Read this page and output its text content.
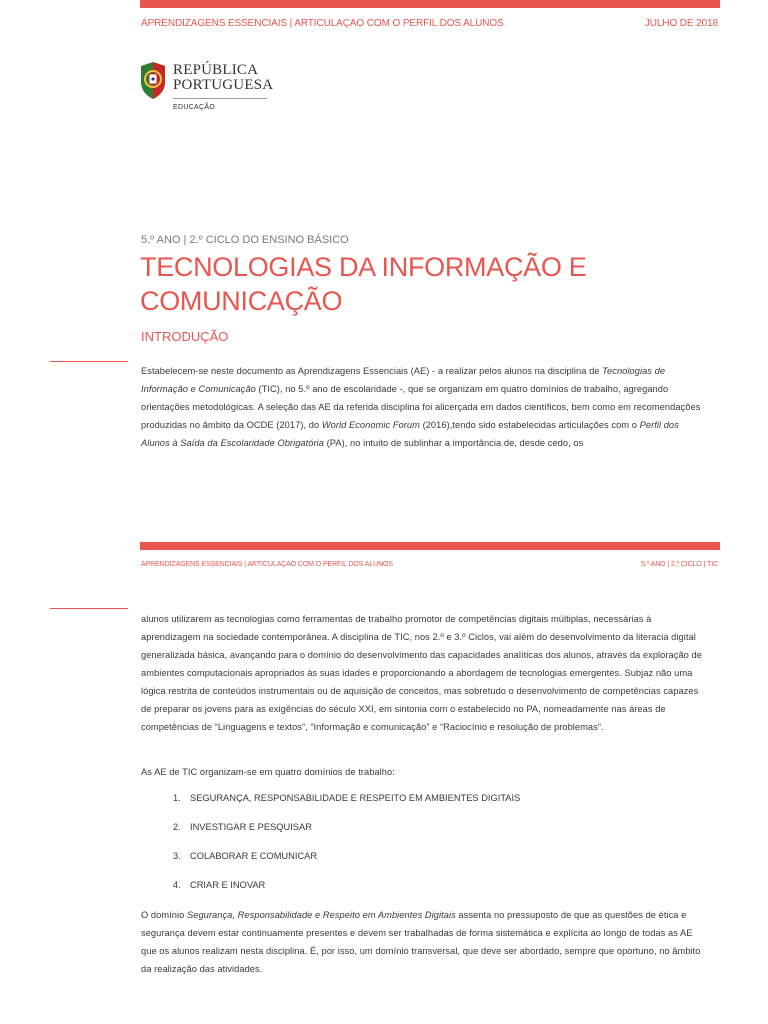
APRENDIZAGENS ESSENCIAIS | ARTICULAÇAO COM O PERFIL DOS ALUNOS	JULHO DE 2018
REPÚBLICA
PORTUGUESA
EDUCAÇÃO
5.º ANO | 2.º CICLO DO ENSINO BÁSICO
TECNOLOGIAS DA INFORMAÇÃO E
COMUNICAÇÃO
INTRODUÇÃO
Estabelecem-se neste documento as Aprendizagens Essenciais (AE) - a realizar pelos alunos na disciplina de Tecnologias de Informação e Comunicação (TIC), no 5.º ano de escolaridade -, que se organizam em quatro domínios de trabalho, agregando orientações metodológicas. A seleção das AE da referida disciplina foi alicerçada em dados científicos, bem como em recomendações produzidas no âmbito da OCDE (2017), do World Economic Forum (2016),tendo sido estabelecidas articulações com o Perfil dos Alunos à Saída da Escolaridade Obrigatória (PA), no intuito de sublinhar a importância de, desde cedo, os
APRENDIZAGENS ESSENCIAIS | ARTICULAÇAO COM O PERFIL DOS ALUNOS	5.º ANO | 2.º CICLO | TIC
alunos utilizarem as tecnologias como ferramentas de trabalho promotor de competências digitais múltiplas, necessárias à aprendizagem na sociedade contemporânea. A disciplina de TIC, nos 2.º e 3.º Ciclos, vai além do desenvolvimento da literacia digital generalizada básica, avançando para o domínio do desenvolvimento das capacidades analíticas dos alunos, através da exploração de ambientes computacionais apropriados às suas idades e proporcionando a abordagem de tecnologias emergentes. Subjaz não uma lógica restrita de conteúdos instrumentais ou de aquisição de conceitos, mas sobretudo o desenvolvimento de competências capazes de preparar os jovens para as exigências do século XXI, em sintonia com o estabelecido no PA, nomeadamente nas áreas de competências de “Linguagens e textos”, “Informação e comunicação” e “Raciocínio e resolução de problemas”.
As AE de TIC organizam-se em quatro domínios de trabalho:
1. SEGURANÇA, RESPONSABILIDADE E RESPEITO EM AMBIENTES DIGITAIS
2. INVESTIGAR E PESQUISAR
3. COLABORAR E COMUNICAR
4. CRIAR E INOVAR
O domínio Segurança, Responsabilidade e Respeito em Ambientes Digitais assenta no pressuposto de que as questões de ética e segurança devem estar continuamente presentes e devem ser trabalhadas de forma sistemática e explícita ao longo de todas as AE que os alunos realizam nesta disciplina. É, por isso, um domínio transversal, que deve ser abordado, sempre que oportuno, no âmbito da realização das atividades.
